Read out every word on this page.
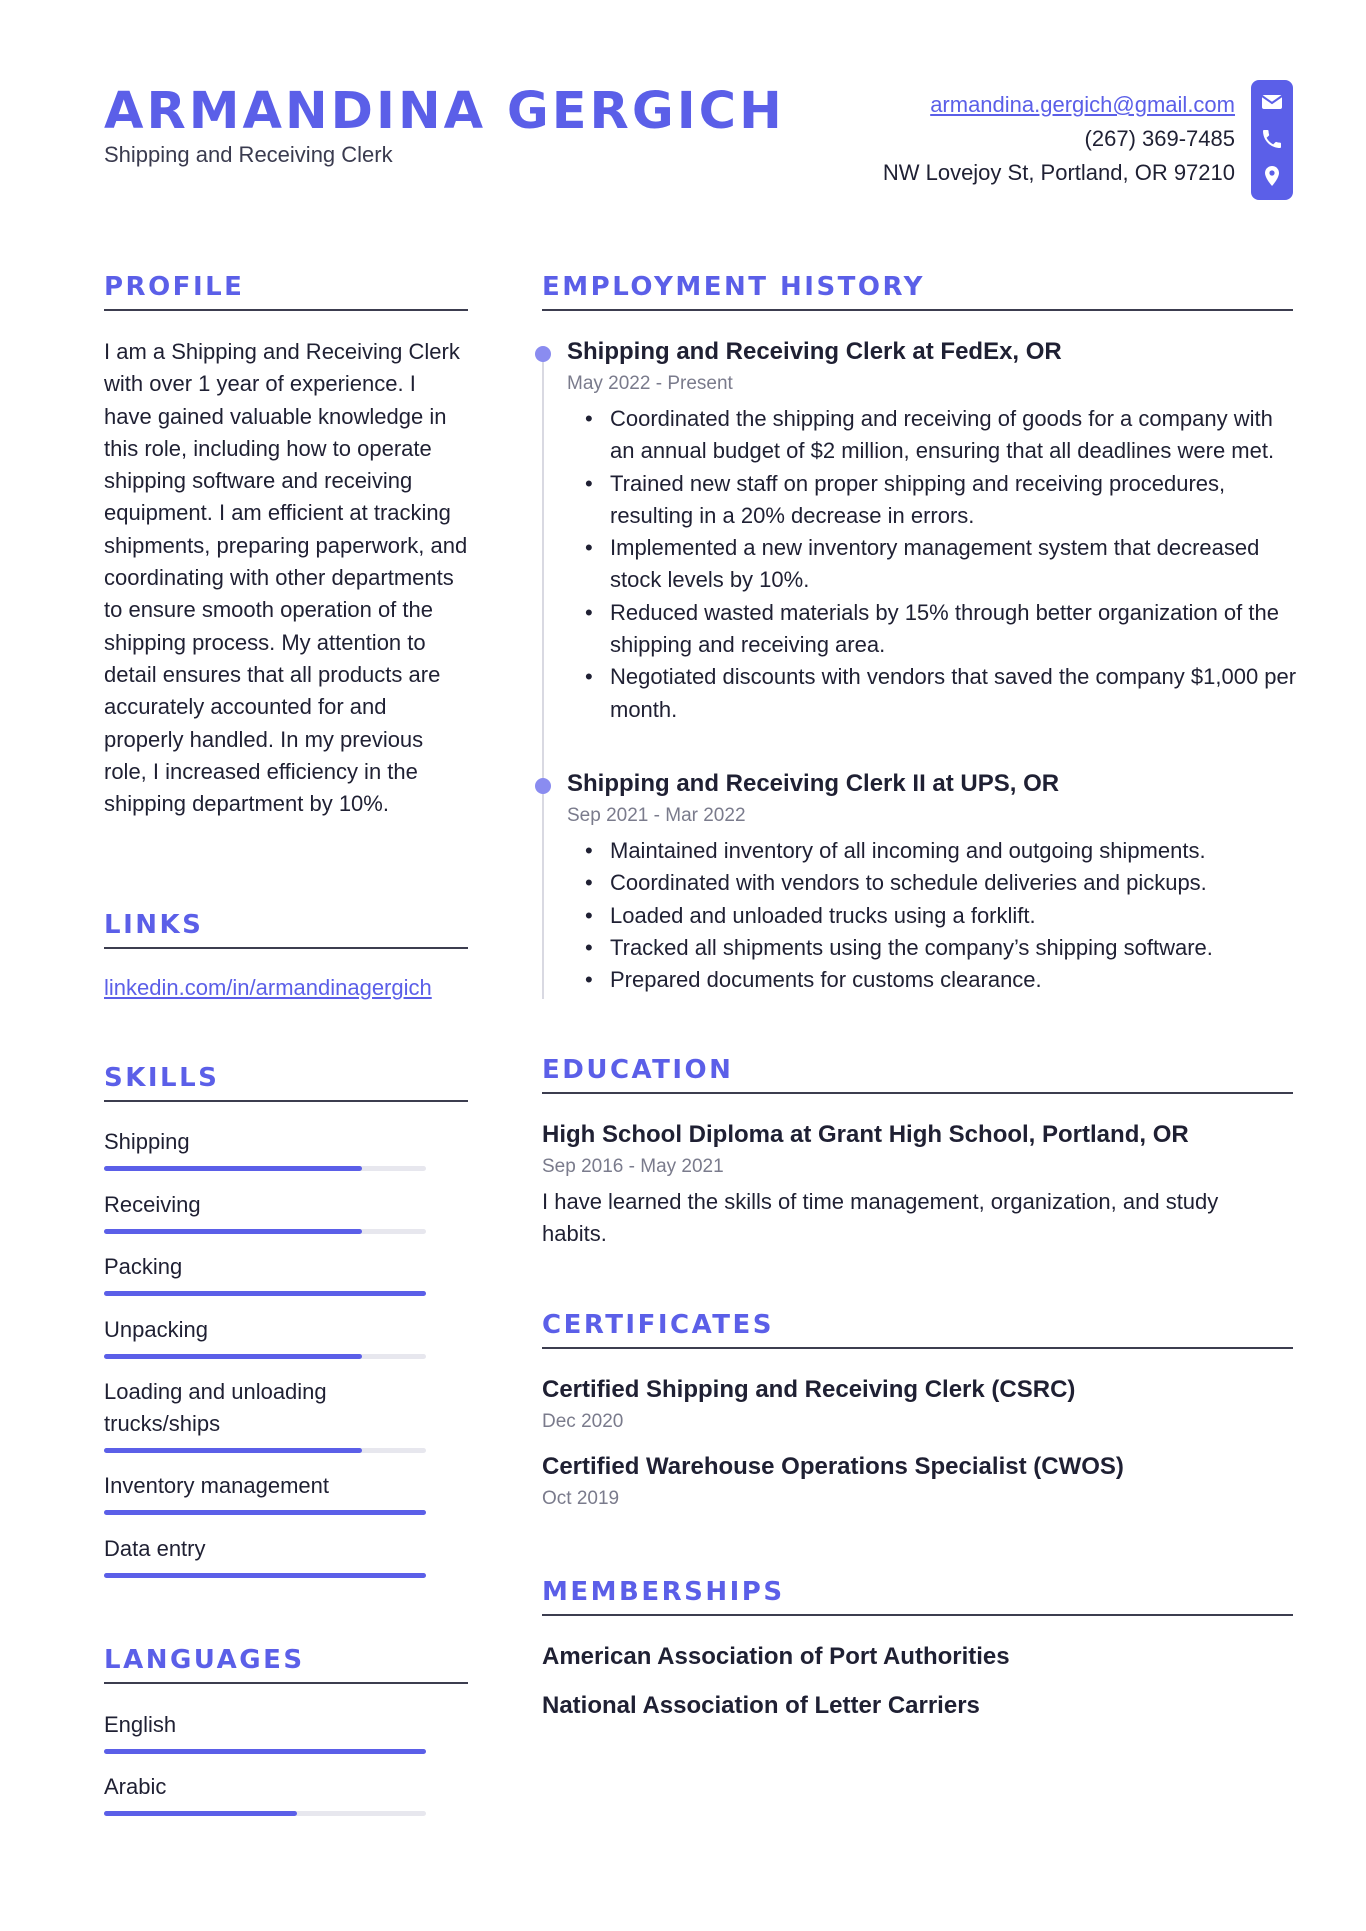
ARMANDINA GERGICH
Shipping and Receiving Clerk
armandina.gergich@gmail.com
(267) 369-7485
NW Lovejoy St, Portland, OR 97210
PROFILE
I am a Shipping and Receiving Clerk with over 1 year of experience. I have gained valuable knowledge in this role, including how to operate shipping software and receiving equipment. I am efficient at tracking shipments, preparing paperwork, and coordinating with other departments to ensure smooth operation of the shipping process. My attention to detail ensures that all products are accurately accounted for and properly handled. In my previous role, I increased efficiency in the shipping department by 10%.
LINKS
linkedin.com/in/armandinagergich
SKILLS
Shipping
Receiving
Packing
Unpacking
Loading and unloading trucks/ships
Inventory management
Data entry
LANGUAGES
English
Arabic
EMPLOYMENT HISTORY
Shipping and Receiving Clerk at FedEx, OR
May 2022 - Present
• Coordinated the shipping and receiving of goods for a company with an annual budget of $2 million, ensuring that all deadlines were met.
• Trained new staff on proper shipping and receiving procedures, resulting in a 20% decrease in errors.
• Implemented a new inventory management system that decreased stock levels by 10%.
• Reduced wasted materials by 15% through better organization of the shipping and receiving area.
• Negotiated discounts with vendors that saved the company $1,000 per month.
Shipping and Receiving Clerk II at UPS, OR
Sep 2021 - Mar 2022
• Maintained inventory of all incoming and outgoing shipments.
• Coordinated with vendors to schedule deliveries and pickups.
• Loaded and unloaded trucks using a forklift.
• Tracked all shipments using the company’s shipping software.
• Prepared documents for customs clearance.
EDUCATION
High School Diploma at Grant High School, Portland, OR
Sep 2016 - May 2021
I have learned the skills of time management, organization, and study habits.
CERTIFICATES
Certified Shipping and Receiving Clerk (CSRC)
Dec 2020
Certified Warehouse Operations Specialist (CWOS)
Oct 2019
MEMBERSHIPS
American Association of Port Authorities
National Association of Letter Carriers
